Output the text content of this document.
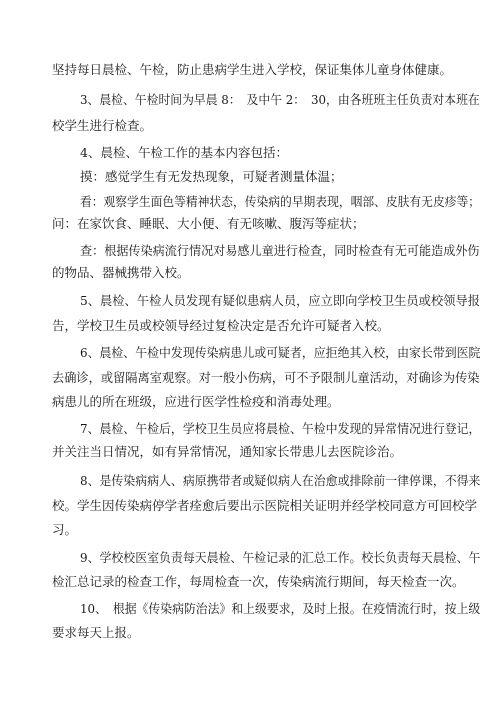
坚持每日晨检、午检，防止患病学生进入学校，保证集体儿童身体健康。
3、晨检、午检时间为早晨 8：　及中午 2：　30，由各班班主任负责对本班在
校学生进行检查。
4、晨检、午检工作的基本内容包括：
摸：感觉学生有无发热现象，可疑者测量体温；
看：观察学生面色等精神状态，传染病的早期表现，咽部、皮肤有无皮疹等；
问：在家饮食、睡眠、大小便、有无咳嗽、腹泻等症状；
查：根据传染病流行情况对易感儿童进行检查，同时检查有无可能造成外伤
的物品、器械携带入校。
5、晨检、午检人员发现有疑似患病人员，应立即向学校卫生员或校领导报
告，学校卫生员或校领导经过复检决定是否允许可疑者入校。
6、晨检、午检中发现传染病患儿或可疑者，应拒绝其入校，由家长带到医院
去确诊，或留隔离室观察。对一般小伤病，可不予限制儿童活动，对确诊为传染
病患儿的所在班级，应进行医学性检疫和消毒处理。
7、晨检、午检后，学校卫生员应将晨检、午检中发现的异常情况进行登记，
并关注当日情况，如有异常情况，通知家长带患儿去医院诊治。
8、是传染病病人、病原携带者或疑似病人在治愈或排除前一律停课，不得来
校。学生因传染病停学者痊愈后要出示医院相关证明并经学校同意方可回校学
习。
9、学校校医室负责每天晨检、午检记录的汇总工作。校长负责每天晨检、午
检汇总记录的检查工作，每周检查一次，传染病流行期间，每天检查一次。
10、　根据《传染病防治法》和上级要求，及时上报。在疫情流行时，按上级
要求每天上报。
